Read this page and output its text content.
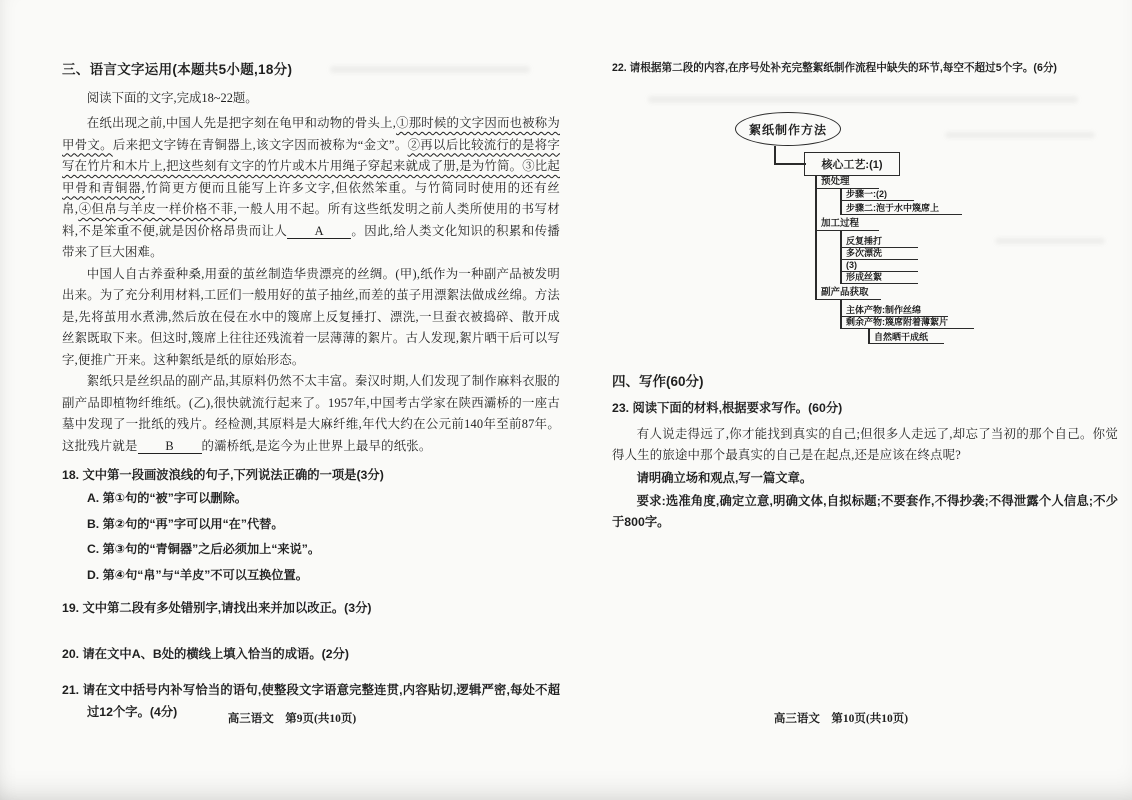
三、语言文字运用(本题共5小题,18分)
阅读下面的文字,完成18~22题。
在纸出现之前,中国人先是把字刻在龟甲和动物的骨头上,①那时候的文字因而也被称为甲骨文。后来把文字铸在青铜器上,该文字因而被称为“金文”。②再以后比较流行的是将字写在竹片和木片上,把这些刻有文字的竹片或木片用绳子穿起来就成了册,是为竹简。③比起甲骨和青铜器,竹简更方便而且能写上许多文字,但依然笨重。与竹简同时使用的还有丝帛,④但帛与羊皮一样价格不菲,一般人用不起。所有这些纸发明之前人类所使用的书写材料,不是笨重不便,就是因价格昂贵而让人 A 。因此,给人类文化知识的积累和传播带来了巨大困难。
中国人自古养蚕种桑,用蚕的茧丝制造华贵漂亮的丝绸。(甲),纸作为一种副产品被发明出来。为了充分利用材料,工匠们一般用好的茧子抽丝,而差的茧子用漂絮法做成丝绵。方法是,先将茧用水煮沸,然后放在侵在水中的篾席上反复捶打、漂洗,一旦蚕衣被捣碎、散开成丝絮既取下来。但这时,篾席上往往还残流着一层薄薄的絮片。古人发现,絮片晒干后可以写字,便推广开来。这种絮纸是纸的原始形态。
絮纸只是丝织品的副产品,其原料仍然不太丰富。秦汉时期,人们发现了制作麻料衣服的副产品即植物纤维纸。(乙),很快就流行起来了。1957年,中国考古学家在陕西灞桥的一座古墓中发现了一批纸的残片。经检测,其原料是大麻纤维,年代大约在公元前140年至前87年。这批残片就是 B 的灞桥纸,是迄今为止世界上最早的纸张。
18. 文中第一段画波浪线的句子,下列说法正确的一项是(3分)
A. 第①句的“被”字可以删除。
B. 第②句的“再”字可以用“在”代替。
C. 第③句的“青铜器”之后必须加上“来说”。
D. 第④句“帛”与“羊皮”不可以互换位置。
19. 文中第二段有多处错别字,请找出来并加以改正。(3分)
20. 请在文中A、B处的横线上填入恰当的成语。(2分)
21. 请在文中括号内补写恰当的语句,使整段文字语意完整连贯,内容贴切,逻辑严密,每处不超过12个字。(4分)
22. 请根据第二段的内容,在序号处补充完整絮纸制作流程中缺失的环节,每空不超过5个字。(6分)
絮纸制作方法
核心工艺:(1)
预处理
步骤一:(2)
步骤二:泡于水中篾席上
加工过程
反复捶打
多次漂洗
(3)
形成丝絮
副产品获取
主体产物:制作丝绵
剩余产物:篾席附着薄絮片
自然晒干成纸
四、写作(60分)
23. 阅读下面的材料,根据要求写作。(60分)
有人说走得远了,你才能找到真实的自己;但很多人走远了,却忘了当初的那个自己。你觉得人生的旅途中那个最真实的自己是在起点,还是应该在终点呢?
请明确立场和观点,写一篇文章。
要求:选准角度,确定立意,明确文体,自拟标题;不要套作,不得抄袭;不得泄露个人信息;不少于800字。
高三语文　第9页(共10页)	高三语文　第10页(共10页)
